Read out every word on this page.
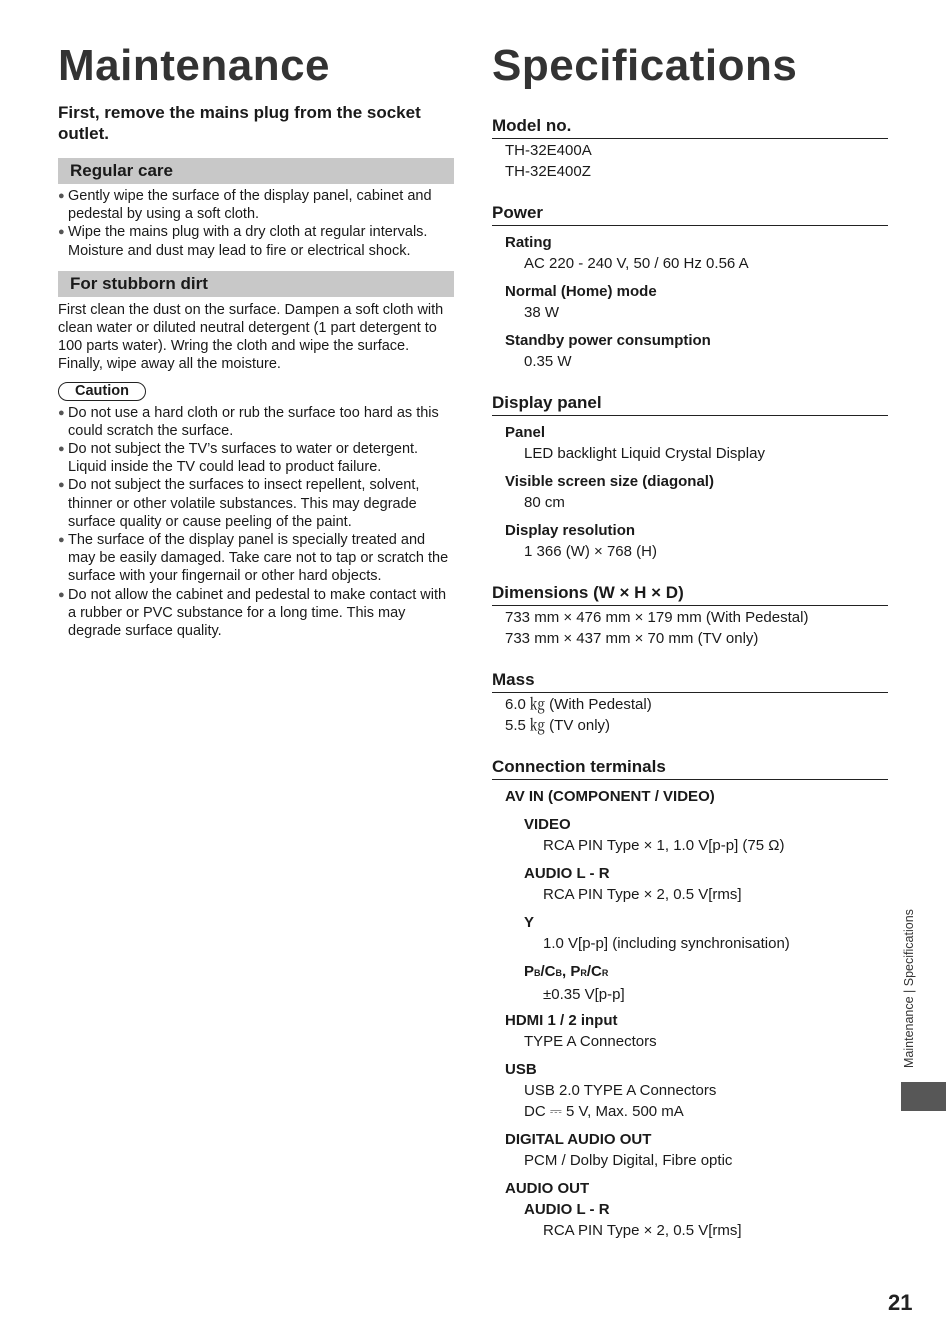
Maintenance

First, remove the mains plug from the socket outlet.

Regular care
● Gently wipe the surface of the display panel, cabinet and pedestal by using a soft cloth.
● Wipe the mains plug with a dry cloth at regular intervals. Moisture and dust may lead to fire or electrical shock.
For stubborn dirt

First clean the dust on the surface. Dampen a soft cloth with clean water or diluted neutral detergent (1 part detergent to 100 parts water). Wring the cloth and wipe the surface. Finally, wipe away all the moisture.

Caution
● Do not use a hard cloth or rub the surface too hard as this could scratch the surface.
● Do not subject the TV’s surfaces to water or detergent. Liquid inside the TV could lead to product failure.
● Do not subject the surfaces to insect repellent, solvent, thinner or other volatile substances. This may degrade surface quality or cause peeling of the paint.
● The surface of the display panel is specially treated and may be easily damaged. Take care not to tap or scratch the surface with your fingernail or other hard objects.
● Do not allow the cabinet and pedestal to make contact with a rubber or PVC substance for a long time. This may degrade surface quality.
Specifications
Model no.
TH-32E400A
TH-32E400Z
Power
Rating
AC 220 - 240 V, 50 / 60 Hz 0.56 A
Normal (Home) mode
38 W
Standby power consumption
0.35 W
Display panel
Panel
LED backlight Liquid Crystal Display
Visible screen size (diagonal)
80 cm
Display resolution
1 366 (W) × 768 (H)
Dimensions (W × H × D)
733 mm × 476 mm × 179 mm (With Pedestal)
733 mm × 437 mm × 70 mm (TV only)
Mass
6.0 ㎏ (With Pedestal)
5.5 ㎏ (TV only)
Connection terminals
AV IN (COMPONENT / VIDEO)
VIDEO
RCA PIN Type × 1, 1.0 V[p-p] (75 Ω)
AUDIO L - R
RCA PIN Type × 2, 0.5 V[rms]
Y
1.0 V[p-p] (including synchronisation)
PB/CB, PR/CR
±0.35 V[p-p]
HDMI 1 / 2 input
TYPE A Connectors
USB
USB 2.0 TYPE A Connectors
DC ⎓ 5 V, Max. 500 mA
DIGITAL AUDIO OUT
PCM / Dolby Digital, Fibre optic
AUDIO OUT
AUDIO L - R
RCA PIN Type × 2, 0.5 V[rms]
Maintenance | Specifications
21
